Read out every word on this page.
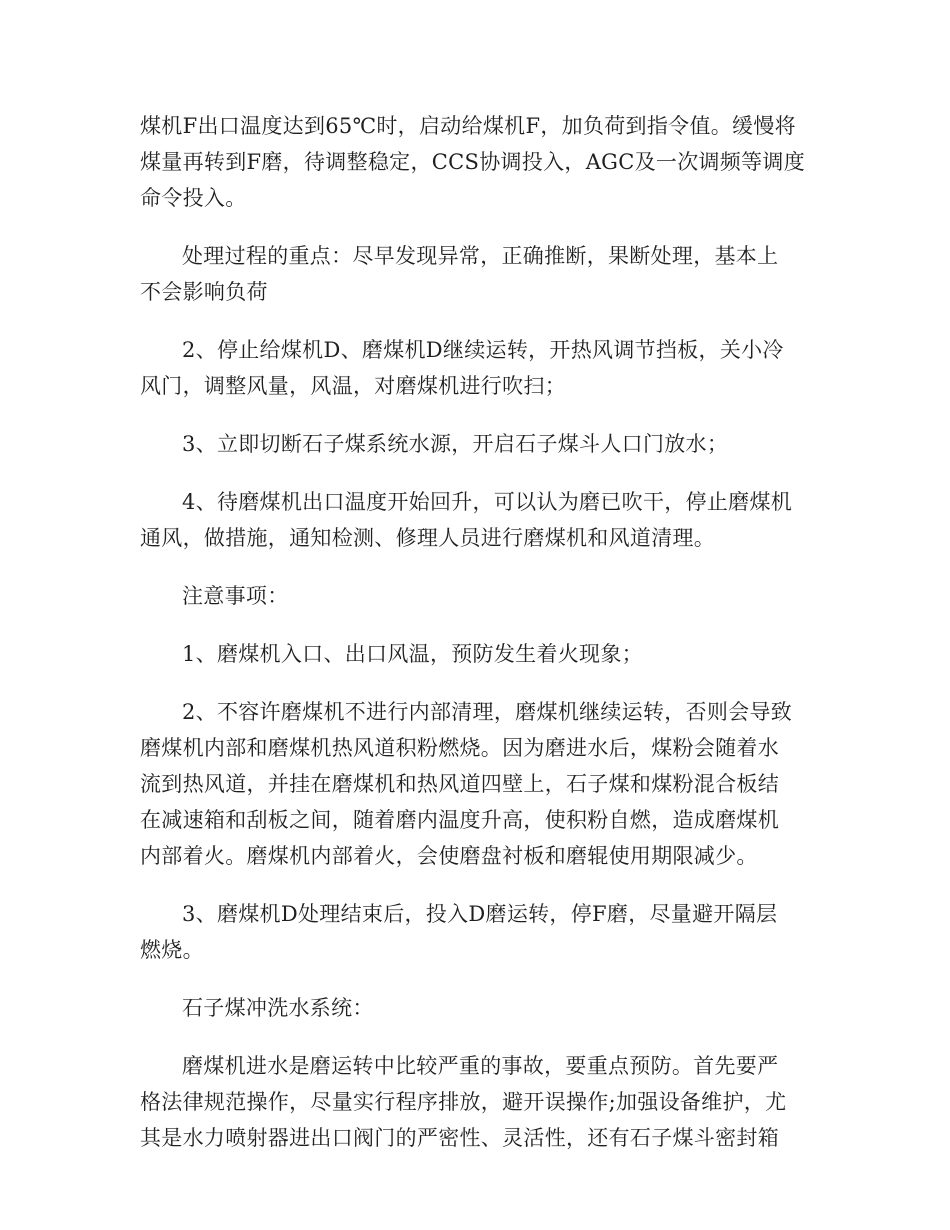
煤机F出口温度达到65℃时，启动给煤机F，加负荷到指令值。缓慢将
煤量再转到F磨，待调整稳定，CCS协调投入，AGC及一次调频等调度
命令投入。

处理过程的重点：尽早发现异常，正确推断，果断处理，基本上
不会影响负荷

2、停止给煤机D、磨煤机D继续运转，开热风调节挡板，关小冷
风门，调整风量，风温，对磨煤机进行吹扫；

3、立即切断石子煤系统水源，开启石子煤斗人口门放水；

4、待磨煤机出口温度开始回升，可以认为磨已吹干，停止磨煤机
通风，做措施，通知检测、修理人员进行磨煤机和风道清理。

注意事项：

1、磨煤机入口、出口风温，预防发生着火现象；

2、不容许磨煤机不进行内部清理，磨煤机继续运转，否则会导致
磨煤机内部和磨煤机热风道积粉燃烧。因为磨进水后，煤粉会随着水
流到热风道，并挂在磨煤机和热风道四壁上，石子煤和煤粉混合板结
在减速箱和刮板之间，随着磨内温度升高，使积粉自燃，造成磨煤机
内部着火。磨煤机内部着火，会使磨盘衬板和磨辊使用期限减少。

3、磨煤机D处理结束后，投入D磨运转，停F磨，尽量避开隔层
燃烧。

石子煤冲洗水系统：

磨煤机进水是磨运转中比较严重的事故，要重点预防。首先要严
格法律规范操作，尽量实行程序排放，避开误操作;加强设备维护，尤
其是水力喷射器进出口阀门的严密性、灵活性，还有石子煤斗密封箱
